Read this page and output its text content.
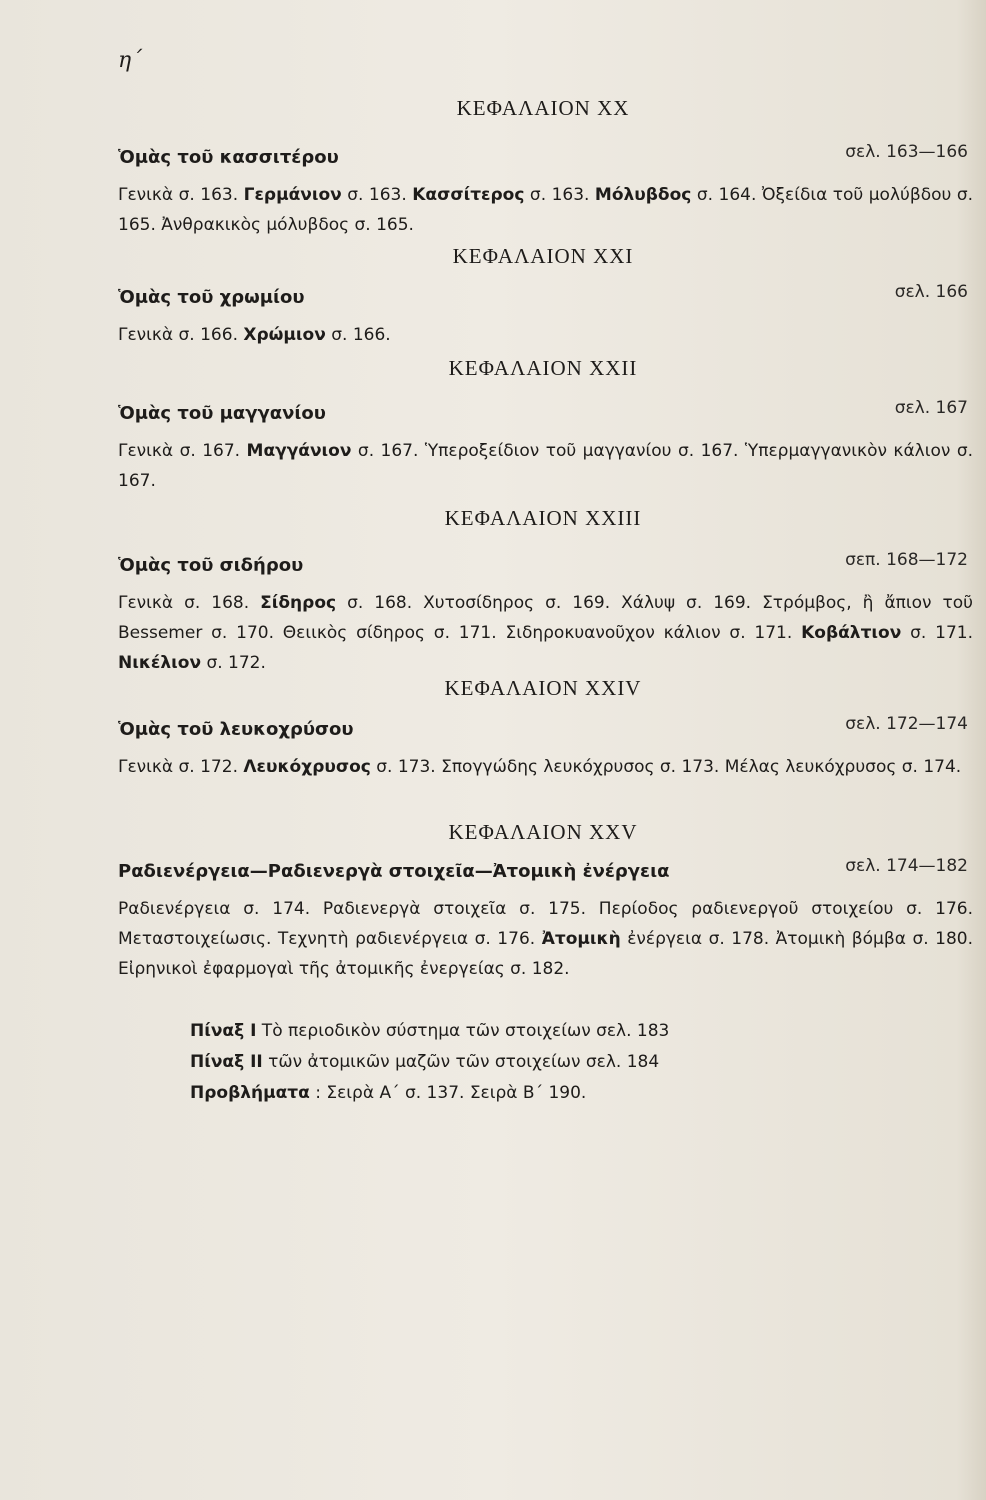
η΄
ΚΕΦΑΛΑΙΟΝ XX
Ὁμὰς τοῦ κασσιτέρου	σελ. 163—166
Γενικὰ σ. 163. Γερμάνιον σ. 163. Κασσίτερος σ. 163. Μόλυβδος σ. 164. Ὀξείδια τοῦ μολύβδου σ. 165. Ἀνθρακικὸς μόλυβδος σ. 165.
ΚΕΦΑΛΑΙΟΝ XXI
Ὁμὰς τοῦ χρωμίου	σελ. 166
Γενικὰ σ. 166. Χρώμιον σ. 166.
ΚΕΦΑΛΑΙΟΝ XXII
Ὁμὰς τοῦ μαγγανίου	σελ. 167
Γενικὰ σ. 167. Μαγγάνιον σ. 167. Ὑπεροξείδιον τοῦ μαγγανίου σ. 167. Ὑπερμαγγανικὸν κάλιον σ. 167.
ΚΕΦΑΛΑΙΟΝ XXIII
Ὁμὰς τοῦ σιδήρου	σεπ. 168—172
Γενικὰ σ. 168. Σίδηρος σ. 168. Χυτοσίδηρος σ. 169. Χάλυψ σ. 169. Στρόμβος, ἢ ἄπιον τοῦ Bessemer σ. 170. Θειικὸς σίδηρος σ. 171. Σιδηροκυανοῦχον κάλιον σ. 171. Κοβάλτιον σ. 171. Νικέλιον σ. 172.
ΚΕΦΑΛΑΙΟΝ XXIV
Ὁμὰς τοῦ λευκοχρύσου	σελ. 172—174
Γενικὰ σ. 172. Λευκόχρυσος σ. 173. Σπογγώδης λευκόχρυσος σ. 173. Μέλας λευκόχρυσος σ. 174.
ΚΕΦΑΛΑΙΟΝ XXV
Ραδιενέργεια—Ραδιενεργὰ στοιχεῖα—Ἀτομικὴ ἐνέργεια	σελ. 174—182
Ραδιενέργεια σ. 174. Ραδιενεργὰ στοιχεῖα σ. 175. Περίοδος ραδιενεργοῦ στοιχείου σ. 176. Μεταστοιχείωσις. Τεχνητὴ ραδιενέργεια σ. 176. Ἀτομικὴ ἐνέργεια σ. 178. Ἀτομικὴ βόμβα σ. 180. Εἰρηνικοὶ ἐφαρμογαὶ τῆς ἀτομικῆς ἐνεργείας σ. 182.
Πίναξ I Τὸ περιοδικὸν σύστημα τῶν στοιχείων σελ. 183
Πίναξ II τῶν ἀτομικῶν μαζῶν τῶν στοιχείων σελ. 184
Προβλήματα : Σειρὰ Α΄ σ. 137. Σειρὰ Β΄ 190.
